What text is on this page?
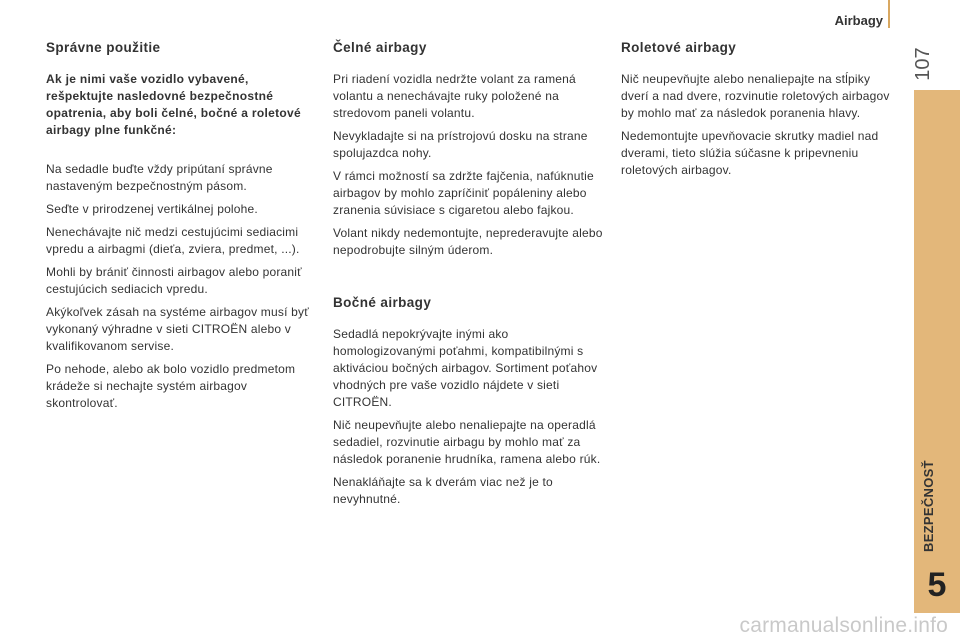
Airbagy
107
BEZPEČNOSŤ
5
Správne použitie
Ak je nimi vaše vozidlo vybavené, rešpektujte nasledovné bezpečnostné opatrenia, aby boli čelné, bočné a roletové airbagy plne funkčné:

Na sedadle buďte vždy pripútaní správne nastaveným bezpečnostným pásom.

Seďte v prirodzenej vertikálnej polohe.

Nenechávajte nič medzi cestujúcimi sediacimi vpredu a airbagmi (dieťa, zviera, predmet, ...).

Mohli by brániť činnosti airbagov alebo poraniť cestujúcich sediacich vpredu.

Akýkoľvek zásah na systéme airbagov musí byť vykonaný výhradne v sieti CITROËN alebo v kvalifikovanom servise.

Po nehode, alebo ak bolo vozidlo predmetom krádeže si nechajte systém airbagov skontrolovať.

Čelné airbagy

Pri riadení vozidla nedržte volant za ramená volantu a nenechávajte ruky položené na stredovom paneli volantu.

Nevykladajte si na prístrojovú dosku na strane spolujazdca nohy.

V rámci možností sa zdržte fajčenia, nafúknutie airbagov by mohlo zapríčiniť popáleniny alebo zranenia súvisiace s cigaretou alebo fajkou.

Volant nikdy nedemontujte, neprederavujte alebo nepodrobujte silným úderom.

Bočné airbagy

Sedadlá nepokrývajte inými ako homologizovanými poťahmi, kompatibilnými s aktiváciou bočných airbagov. Sortiment poťahov vhodných pre vaše vozidlo nájdete v sieti CITROËN.

Nič neupevňujte alebo nenaliepajte na operadlá sedadiel, rozvinutie airbagu by mohlo mať za následok poranenie hrudníka, ramena alebo rúk.

Nenakláňajte sa k dverám viac než je to nevyhnutné.

Roletové airbagy

Nič neupevňujte alebo nenaliepajte na stĺpiky dverí a nad dvere, rozvinutie roletových airbagov by mohlo mať za následok poranenia hlavy.

Nedemontujte upevňovacie skrutky madiel nad dverami, tieto slúžia súčasne k pripevneniu roletových airbagov.

carmanualsonline.info
